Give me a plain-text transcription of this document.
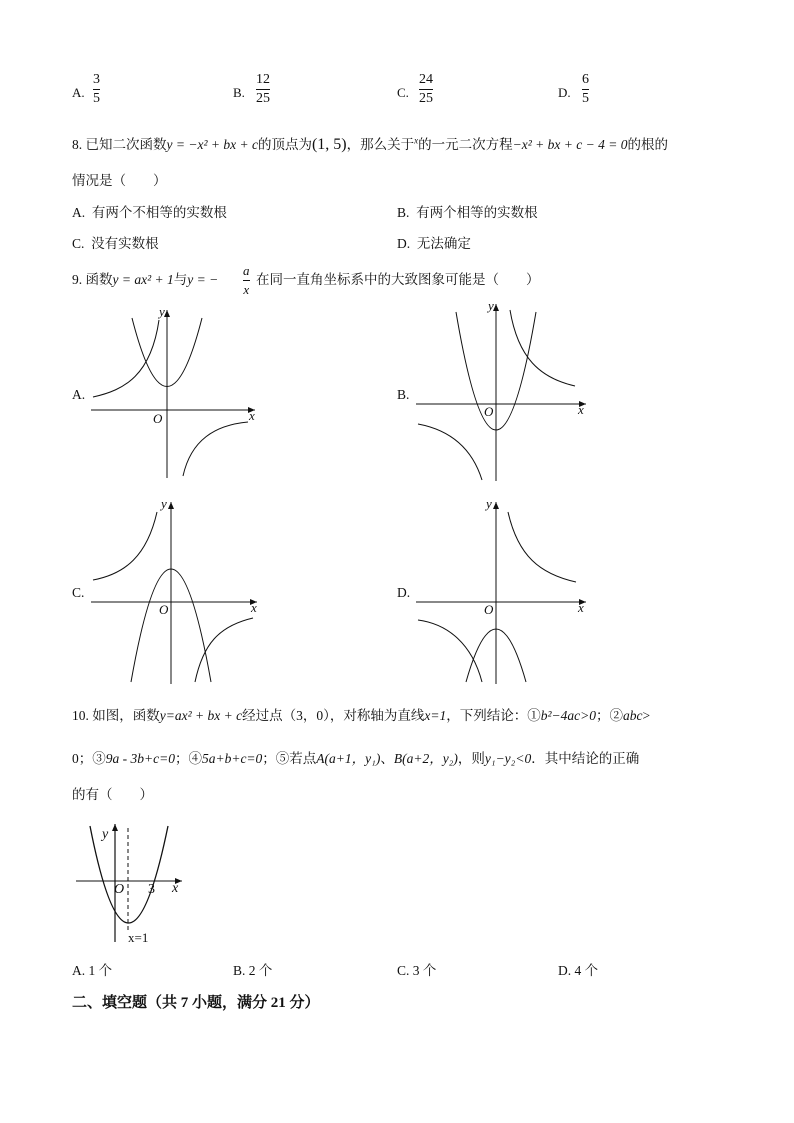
A.
3
5	B.
12
25	C.
24
25	D.
6
5
8. 已知二次函数y = −x² + bx + c的顶点为(1, 5)，那么关于$^x$的一元二次方程−x² + bx + c − 4 = 0的根的
情况是（　　）
A. 有两个不相等的实数根	B. 有两个相等的实数根
C. 没有实数根	D. 无法确定
9. 函数y = ax² + 1与y = −
a
x
在同一直角坐标系中的大致图象可能是（　　）
A.	B.
C.	D.
x
y
O
x
y
O
x
y
O	x
y
O
10. 如图，函数y=ax² + bx + c经过点（3，0），对称轴为直线x=1，下列结论：①b²−4ac>0；②abc>
0；③9a - 3b+c=0；④5a+b+c=0；⑤若点A(a+1，y₁)、B(a+2，y₂)，则y₁−y₂<0．其中结论的正确
的有（　　）
x
y
O 3
x=1
A. 1 个	B. 2 个	C. 3 个	D. 4 个
二、填空题（共 7 小题，满分 21 分）
